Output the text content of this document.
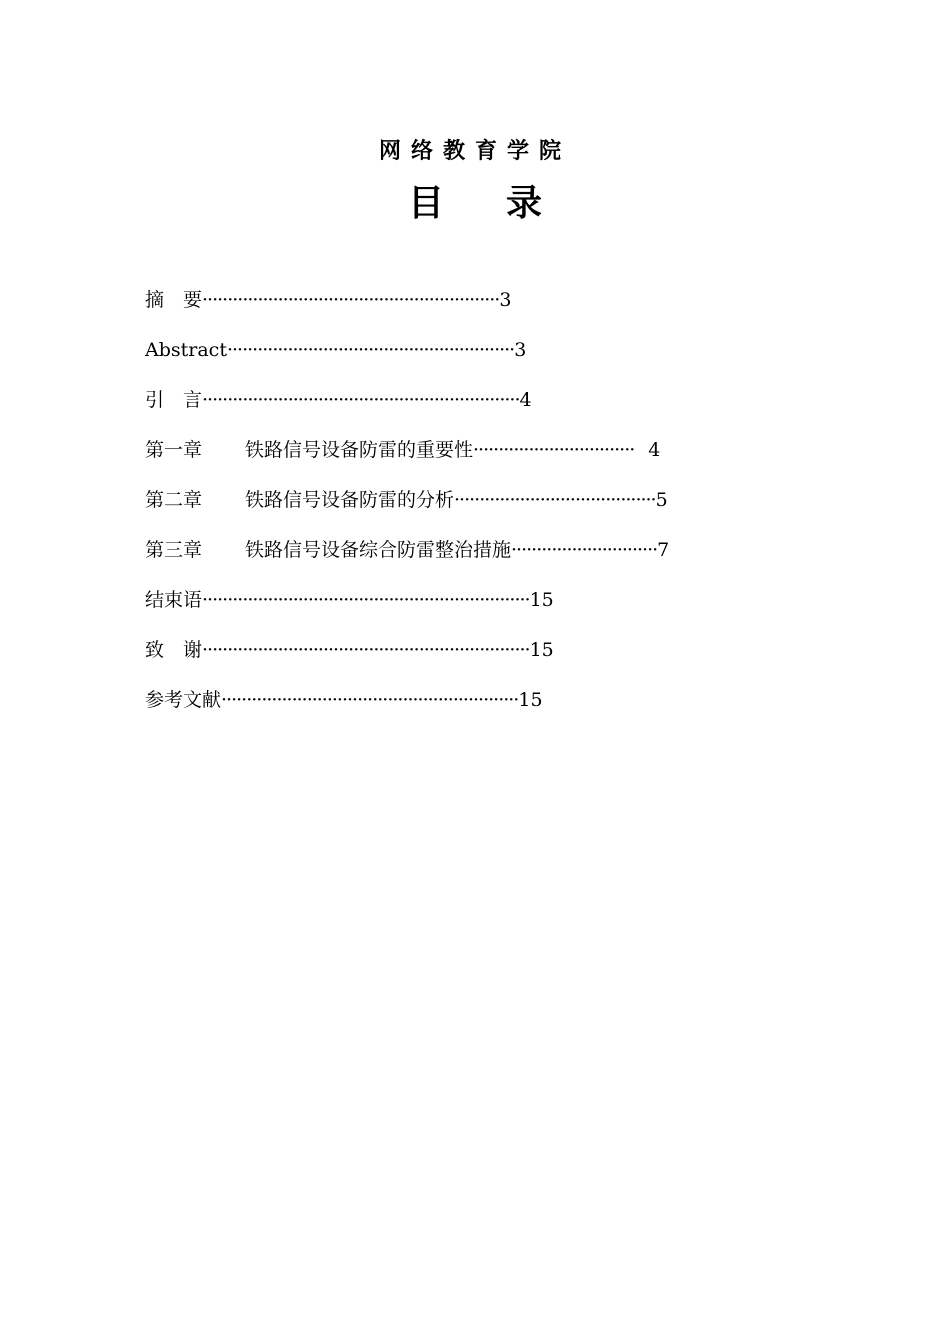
网络教育学院
目 录
摘　要···························································3
Abstract·························································3
引　言·······························································4
第一章 铁路信号设备防雷的重要性································ 4
第二章 铁路信号设备防雷的分析········································5
第三章 铁路信号设备综合防雷整治措施·····························7
结束语·································································15
致　谢·································································15
参考文献···························································15
